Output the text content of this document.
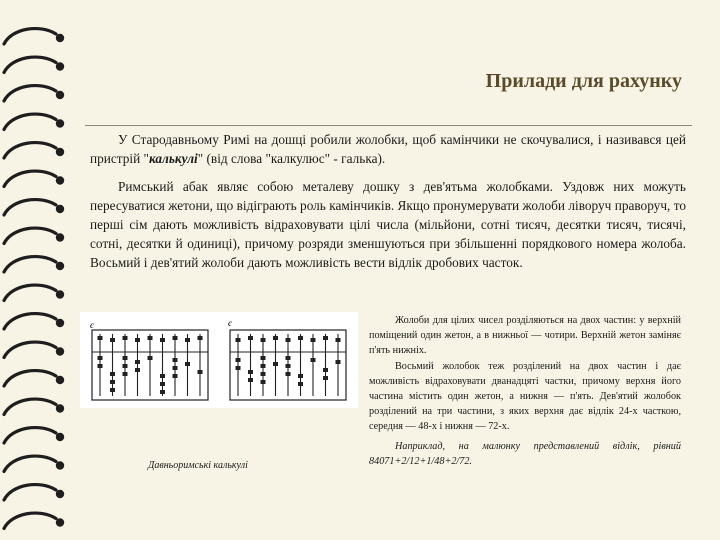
Прилади для рахунку

У Стародавньому Римі на дошці робили жолобки, щоб камінчики не скочувалися, і називався цей пристрій "калькулі" (від слова "калкулюс" - галька).

Римський абак являє собою металеву дошку з дев'ятьма жолобками. Уздовж них можуть пересуватися жетони, що відіграють роль камінчиків. Якщо пронумерувати жолоби ліворуч праворуч, то перші сім дають можливість відраховувати цілі числа (мільйони, сотні тисяч, десятки тисяч, тисячі, сотні, десятки й одиниці), причому розряди зменшуються при збільшенні порядкового номера жолоба. Восьмий і дев'ятий жолоби дають можливість вести відлік дробових часток.

є	є
Давньоримські калькулі

Жолоби для цілих чисел розділяються на двох частин: у верхній поміщений один жетон, а в нижньої — чотири. Верхній жетон заміняє п'ять нижніх.

Восьмий жолобок теж розділений на двох частин і дає можливість відраховувати дванадцяті частки, причому верхня його частина містить один жетон, а нижня — п'ять. Дев'ятий жолобок розділений на три частини, з яких верхня дає відлік 24-х часткою, середня — 48-х і нижня — 72-х.

Наприклад, на малюнку представлений відлік, рівний 84071+2/12+1/48+2/72.
